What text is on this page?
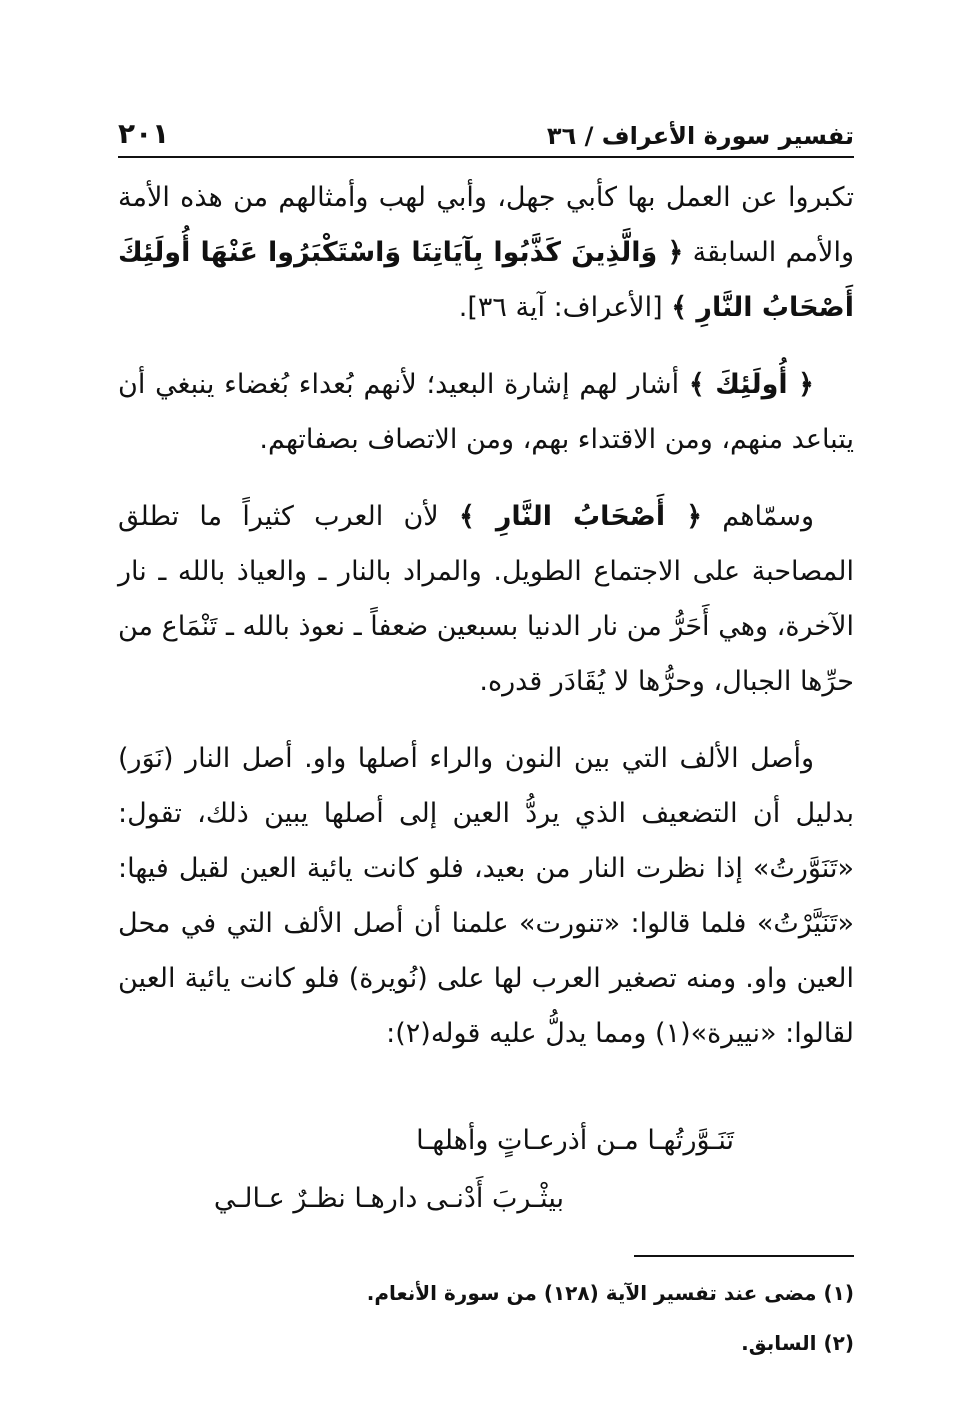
تفسير سورة الأعراف / ٣٦
٢٠١

تكبروا عن العمل بها كأبي جهل، وأبي لهب وأمثالهم من هذه الأمة والأمم السابقة ﴿ وَالَّذِينَ كَذَّبُوا بِآيَاتِنَا وَاسْتَكْبَرُوا عَنْهَا أُولَئِكَ أَصْحَابُ النَّارِ ﴾ [الأعراف: آية ٣٦].

﴿ أُولَئِكَ ﴾ أشار لهم إشارة البعيد؛ لأنهم بُعداء بُغضاء ينبغي أن يتباعد منهم، ومن الاقتداء بهم، ومن الاتصاف بصفاتهم.

وسمّاهم ﴿ أَصْحَابُ النَّارِ ﴾ لأن العرب كثيراً ما تطلق المصاحبة على الاجتماع الطويل. والمراد بالنار ـ والعياذ بالله ـ نار الآخرة، وهي أَحَرُّ من نار الدنيا بسبعين ضعفاً ـ نعوذ بالله ـ تَنْمَاع من حرِّها الجبال، وحرُّها لا يُقَادَر قدره.

وأصل الألف التي بين النون والراء أصلها واو. أصل النار (نَوَر) بدليل أن التضعيف الذي يردُّ العين إلى أصلها يبين ذلك، تقول: «تَنَوَّرتُ» إذا نظرت النار من بعيد، فلو كانت يائية العين لقيل فيها: «تَنَيَّرْتُ» فلما قالوا: «تنورت» علمنا أن أصل الألف التي في محل العين واو. ومنه تصغير العرب لها على (نُويرة) فلو كانت يائية العين لقالوا: «نييرة»(١) ومما يدلُّ عليه قوله(٢):

تَنَـوَّرتُهـا مـن أذرعـاتٍ وأهلهـا
بيثْـربَ أَدْنـى دارهـا نظـرٌ عـالـي
(١) مضى عند تفسير الآية (١٢٨) من سورة الأنعام.
(٢) السابق.
